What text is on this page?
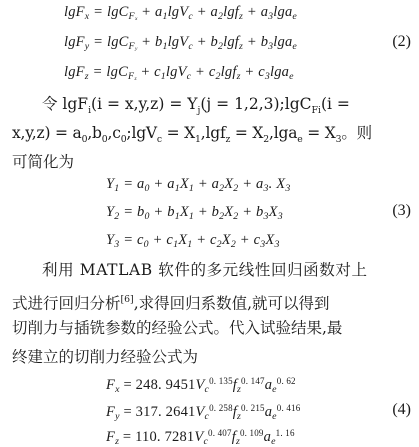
$\lg F_x = \lg C_{Fx} + a_1\lg V_c + a_2\lg f_z + a_3\lg a_e$
$\lg F_y = \lg C_{Fy} + b_1\lg V_c + b_2\lg f_z + b_3\lg a_e$	(2)
$\lg F_z = \lg C_{Fz} + c_1\lg V_c + c_2\lg f_z + c_3\lg a_e$
令 $\lg F_i(i = x,y,z) = Y_j(j$ = 1,2,3);lgC$_{Fi}$(i =
$x,y,z) = a_0,b_0,c_0;\lg V_c = X_1,\lg f_z = X_2,\lg a_e = X_3$。则
可简化为
$Y_1 = a_0 + a_1X_1 + a_2X_2 + a_3$. $X_3$
$Y_2 = b_0 + b_1X_1 + b_2X_2 + b_3X_3$	(3)
$Y_3 = c_0 + c_1X_1 + c_2X_2 + c_3X_3$
利用 MATLAB 软件的多元线性回归函数对上
式进行回归分析[6],求得回归系数值,就可以得到
切削力与插铣参数的经验公式。代入试验结果,最
终建立的切削力经验公式为
$F_x = 248$. $9451V_c^{0. 135}f_z^{0. 147}a_e^{0. 62}$
$F_y = 317$. $2641V_c^{0. 258}f_z^{0. 215}a_e^{0. 416}$	(4)
$F_z = 110$. $7281V_c^{0. 407}f_z^{0. 109}a_e^{1. 16}$
